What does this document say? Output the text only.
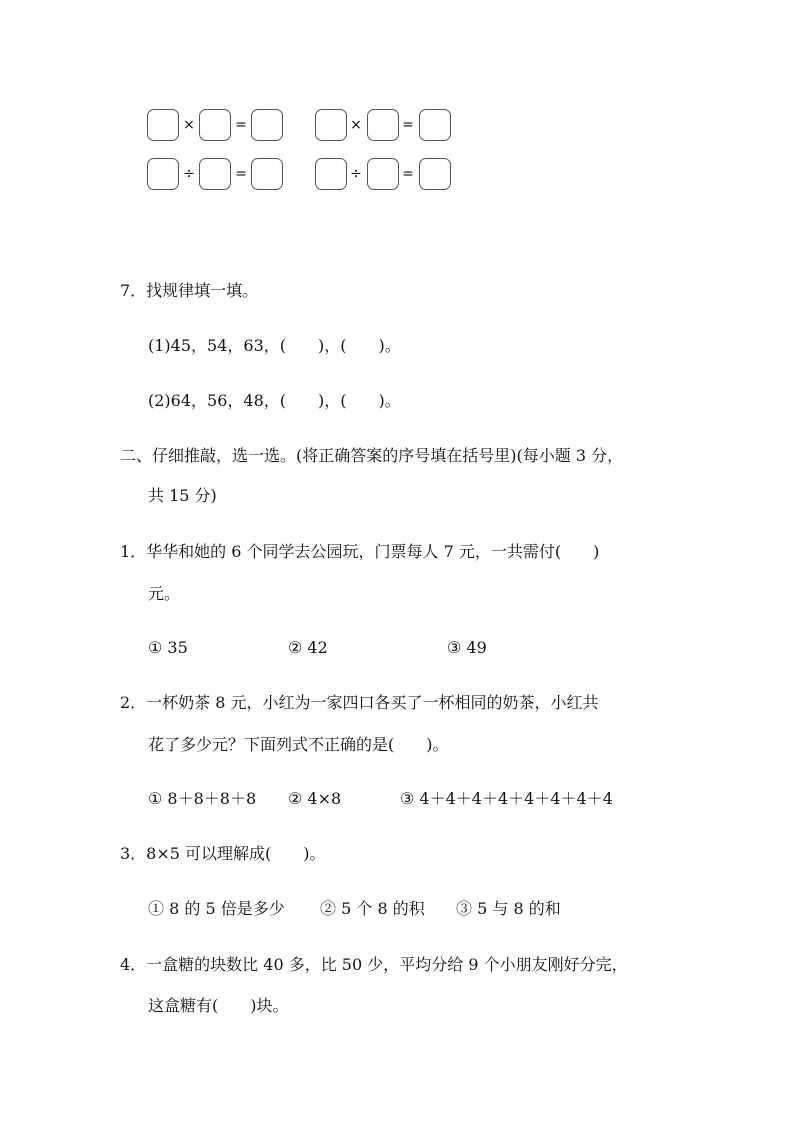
×	=	×	=
÷	=	÷	=
7．找规律填一填。
(1)45，54，63，(　　)，(　　)。
(2)64，56，48，(　　)，(　　)。
二、仔细推敲，选一选。(将正确答案的序号填在括号里)(每小题 3 分，
共 15 分)
1．华华和她的 6 个同学去公园玩，门票每人 7 元，一共需付(　　)
元。
① 35	② 42	③ 49
2．一杯奶茶 8 元，小红为一家四口各买了一杯相同的奶茶，小红共
花了多少元？下面列式不正确的是(　　)。
① 8＋8＋8＋8 ② 4×8	③ 4＋4＋4＋4＋4＋4＋4＋4
3．8×5 可以理解成(　　)。
① 8 的 5 倍是多少 ② 5 个 8 的积 ③ 5 与 8 的和
4．一盒糖的块数比 40 多，比 50 少，平均分给 9 个小朋友刚好分完，
这盒糖有(　　)块。
